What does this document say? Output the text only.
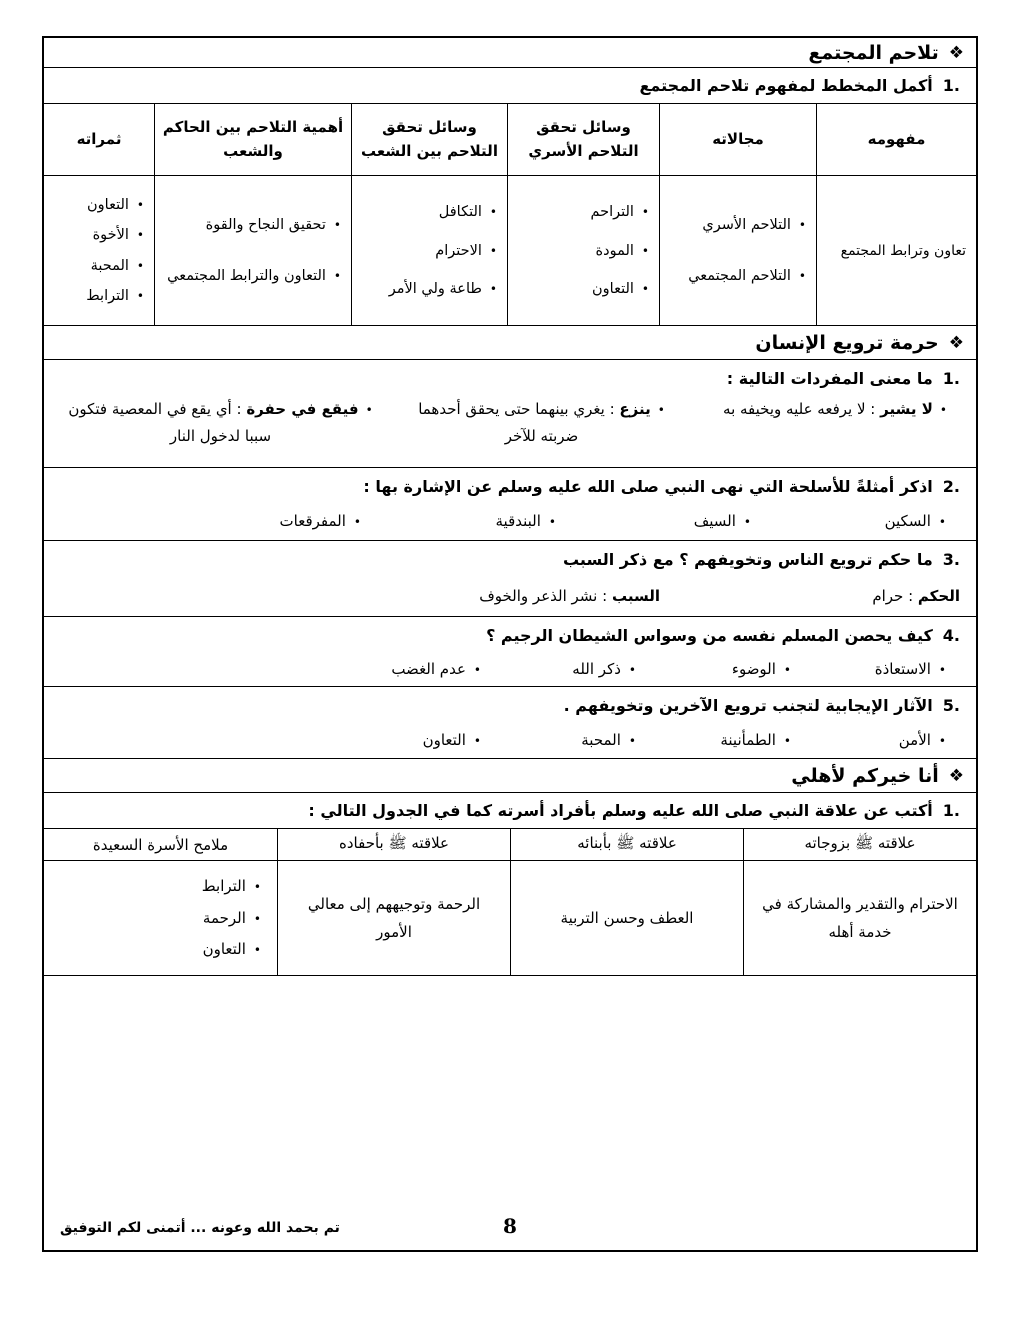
❖
تلاحم المجتمع
1.
أكمل المخطط لمفهوم تلاحم المجتمع
مفهومه
مجالاته
وسائل تحقق التلاحم الأسري
وسائل تحقق التلاحم بين الشعب
أهمية التلاحم بين الحاكم والشعب
ثمراته
تعاون وترابط المجتمع
•
التلاحم الأسري
•
التلاحم المجتمعي
•
التراحم
•
المودة
•
التعاون
•
التكافل
•
الاحترام
•
طاعة ولي الأمر
•
تحقيق النجاح والقوة
•
التعاون والترابط المجتمعي
•
التعاون
•
الأخوة
•
المحبة
•
الترابط
❖
حرمة ترويع الإنسان
1.
ما معنى المفردات التالية :
•لا يشير : لا يرفعه عليه ويخيفه به
•ينزع : يغري بينهما حتى يحقق أحدهما ضربته للآخر
•فيقع في حفرة : أي يقع في المعصية فتكون سببا لدخول النار
2.
اذكر أمثلةً للأسلحة التي نهى النبي صلى الله عليه وسلم عن الإشارة بها :
•
السكين
•
السيف
•
البندقية
•
المفرقعات
3.
ما حكم ترويع الناس وتخويفهم ؟ مع ذكر السبب
الحكم : حرام
السبب : نشر الذعر والخوف
4.
كيف يحصن المسلم نفسه من وسواس الشيطان الرجيم ؟
•
الاستعاذة
•
الوضوء
•
ذكر الله
•
عدم الغضب
5.
الآثار الإيجابية لتجنب ترويع الآخرين وتخويفهم .
•
الأمن
•
الطمأنينة
•
المحبة
•
التعاون
❖
أنا خيركم لأهلي
1.
أكتب عن علاقة النبي صلى الله عليه وسلم بأفراد أسرته كما في الجدول التالي :
علاقته ﷺ بزوجاته
علاقته ﷺ بأبنائه
علاقته ﷺ بأحفاده
ملامح الأسرة السعيدة
الاحترام والتقدير والمشاركة في خدمة أهله
العطف وحسن التربية
الرحمة وتوجيههم إلى معالي الأمور
•
الترابط
•
الرحمة
•
التعاون
تم بحمد الله وعونه ... أتمنى لكم التوفيق	8
